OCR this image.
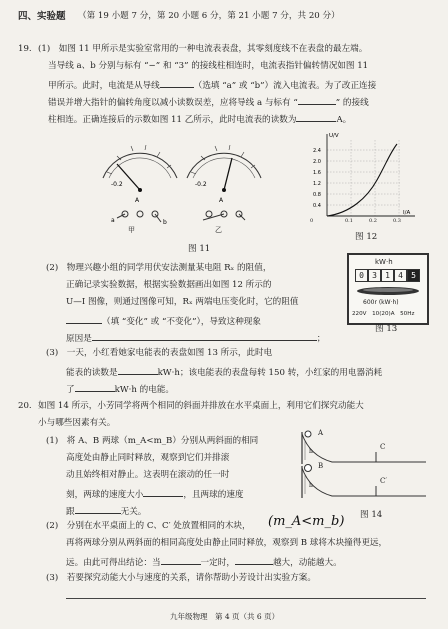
四、实验题 （第 19 小题 7 分，第 20 小题 6 分，第 21 小题 7 分，共 20 分）
19. (1)　如图 11 甲所示是实验室常用的一种电流表表盘，其零刻度线不在表盘的最左端。
当导线 a、b 分别与标有 “−” 和 “3” 的接线柱相连时，电流表指针偏转情况如图 11
甲所示。此时，电流是从导线	（选填 “a” 或 “b”）流入电流表。为了改正连接
错误并增大指针的偏转角度以减小读数误差，应将导线 a 与标有 “	” 的接线
柱相连。正确连接后的示数如图 11 乙所示，此时电流表的读数为	A。
-0.2
A
a	b
-0.2
A
甲	乙
图 11
U/V
I/A
2.4
2.0
1.6
1.2
0.8
0.4
0	0.1	0.2	0.3
图 12
(2)　物理兴趣小组的同学用伏安法测量某电阻 Rₓ 的阻值，
正确记录实验数据，根据实验数据画出如图 12 所示的
U—I 图像，则通过图像可知，Rₓ 两端电压变化时，它的阻值
（填 “变化” 或 “不变化”），导致这种现象
原因是	；
kW·h
0	3	1	4	5
600r (kW·h)
220V　10(20)A　50Hz
图 13
(3)　一天，小红看她家电能表的表盘如图 13 所示，此时电
能表的读数是	kW·h；该电能表的表盘每转 150 转，小红家的用电器消耗
了	kW·h 的电能。
20. 如图 14 所示，小芳同学将两个相同的斜面并排放在水平桌面上，利用它们探究动能大
小与哪些因素有关。
(1)　将 A、B 两球（m_A<m_B）分别从两斜面的相同
高度处由静止同时释放，观察到它们并排滚
动且始终相对静止。这表明在滚动的任一时
刻，两球的速度大小	，且两球的速度
跟	无关。
A
B
h
h
C
C′
图 14
(2)　分别在水平桌面上的 C、C′ 处放置相同的木块， (m_A<m_b)
再将两球分别从两斜面的相同高度处由静止同时释放，观察到 B 球将木块撞得更远，
远。由此可得出结论：当	一定时，	越大，动能越大。
(3)　若要探究动能大小与速度的关系，请你帮助小芳设计出实验方案。
九年级物理　第 4 页（共 6 页）
